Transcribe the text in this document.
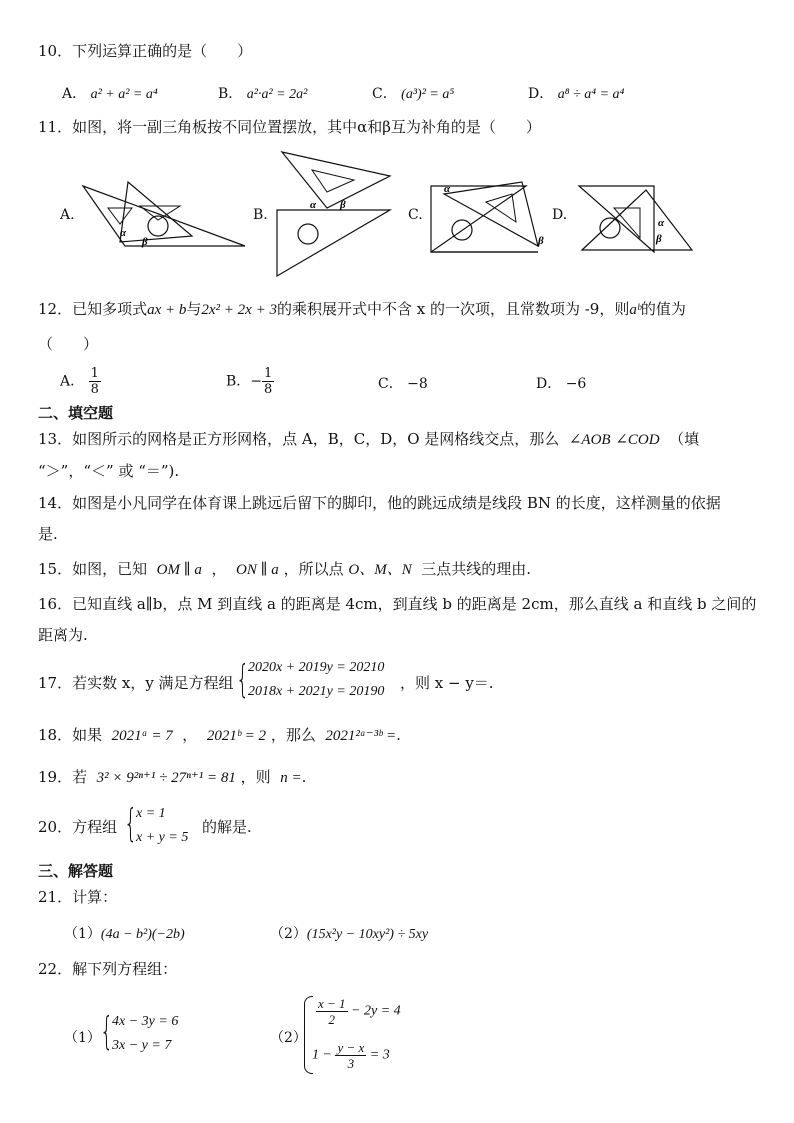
10．下列运算正确的是（　　）
A． a² + a² = a⁴	B． a²·a² = 2a²	C． (a³)² = a⁵	D． a⁸ ÷ a⁴ = a⁴
11．如图，将一副三角板按不同位置摆放，其中α和β互为补角的是（　　）
A.
α
β
B.
α β
C.
α
β
D.	α
β
12．已知多项式ax + b与2x² + 2x + 3的乘积展开式中不含 x 的一次项，且常数项为 -9，则aᵇ的值为
（　　）
A． $\frac{1}{8}$	B．− $\frac{1}{8}$	C． −8	D． −6
二、填空题
13．如图所示的网格是正方形网格，点 A，B，C，D，O 是网格线交点，那么 ∠AOB ∠COD （填
“＞”，“＜” 或 “＝”).
14．如图是小凡同学在体育课上跳远后留下的脚印，他的跳远成绩是线段 BN 的长度，这样测量的依据
是.
15．如图，已知 OM ∥ a ， ON ∥ a ，所以点 O、M、N 三点共线的理由.
16．已知直线 a∥b，点 M 到直线 a 的距离是 4cm，到直线 b 的距离是 2cm，那么直线 a 和直线 b 之间的
距离为.
17．若实数 x，y 满足方程组 {
2020x + 2019y = 20210
2018x + 2021y = 20190 ，则 x − y＝.
18．如果 2021ᵃ = 7 ， 2021ᵇ = 2 ，那么 2021²ᵃ⁻³ᵇ =.
19．若 3² × 9²ⁿ⁺¹ ÷ 27ⁿ⁺¹ = 81 ，则 n =.
20．方程组 {
x = 1
x + y = 5
的解是.
三、解答题
21．计算：
（1）(4a − b²)(−2b)	（2）(15x²y − 10xy²) ÷ 5xy
22．解下列方程组：
（1） {
4x − 3y = 6
3x − y = 7	（2）
$\frac{x - 1}{2} - 2y = 4$
$1 - \frac{y - x}{3} = 3$
